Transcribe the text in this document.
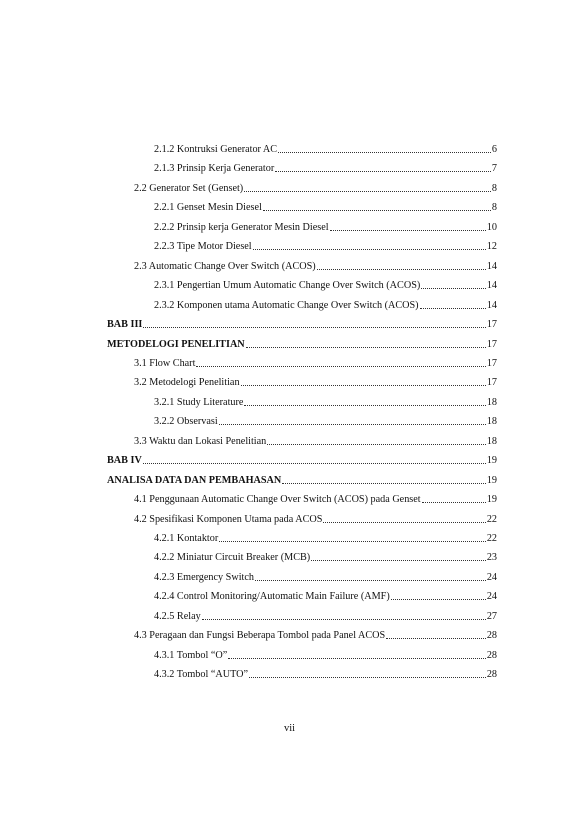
2.1.2 Kontruksi Generator AC	6
2.1.3 Prinsip Kerja Generator	7
2.2 Generator Set (Genset)	8
2.2.1 Genset Mesin Diesel	8
2.2.2 Prinsip kerja Generator Mesin Diesel	10
2.2.3 Tipe Motor Diesel	12
2.3 Automatic Change Over Switch (ACOS)	14
2.3.1 Pengertian Umum Automatic Change Over Switch (ACOS)	14
2.3.2 Komponen utama Automatic Change Over Switch (ACOS)	14
BAB III	17
METODELOGI PENELITIAN	17
3.1 Flow Chart	17
3.2 Metodelogi Penelitian	17
3.2.1 Study Literature	18
3.2.2 Observasi	18
3.3 Waktu dan Lokasi Penelitian	18
BAB IV	19
ANALISA DATA DAN PEMBAHASAN	19
4.1 Penggunaan Automatic Change Over Switch (ACOS) pada Genset	19
4.2 Spesifikasi Komponen Utama pada ACOS	22
4.2.1 Kontaktor	22
4.2.2 Miniatur Circuit Breaker (MCB)	23
4.2.3 Emergency Switch	24
4.2.4 Control Monitoring/Automatic Main Failure (AMF)	24
4.2.5 Relay	27
4.3 Peragaan dan Fungsi Beberapa Tombol pada Panel ACOS	28
4.3.1 Tombol “O”	28
4.3.2 Tombol “AUTO”	28
vii
